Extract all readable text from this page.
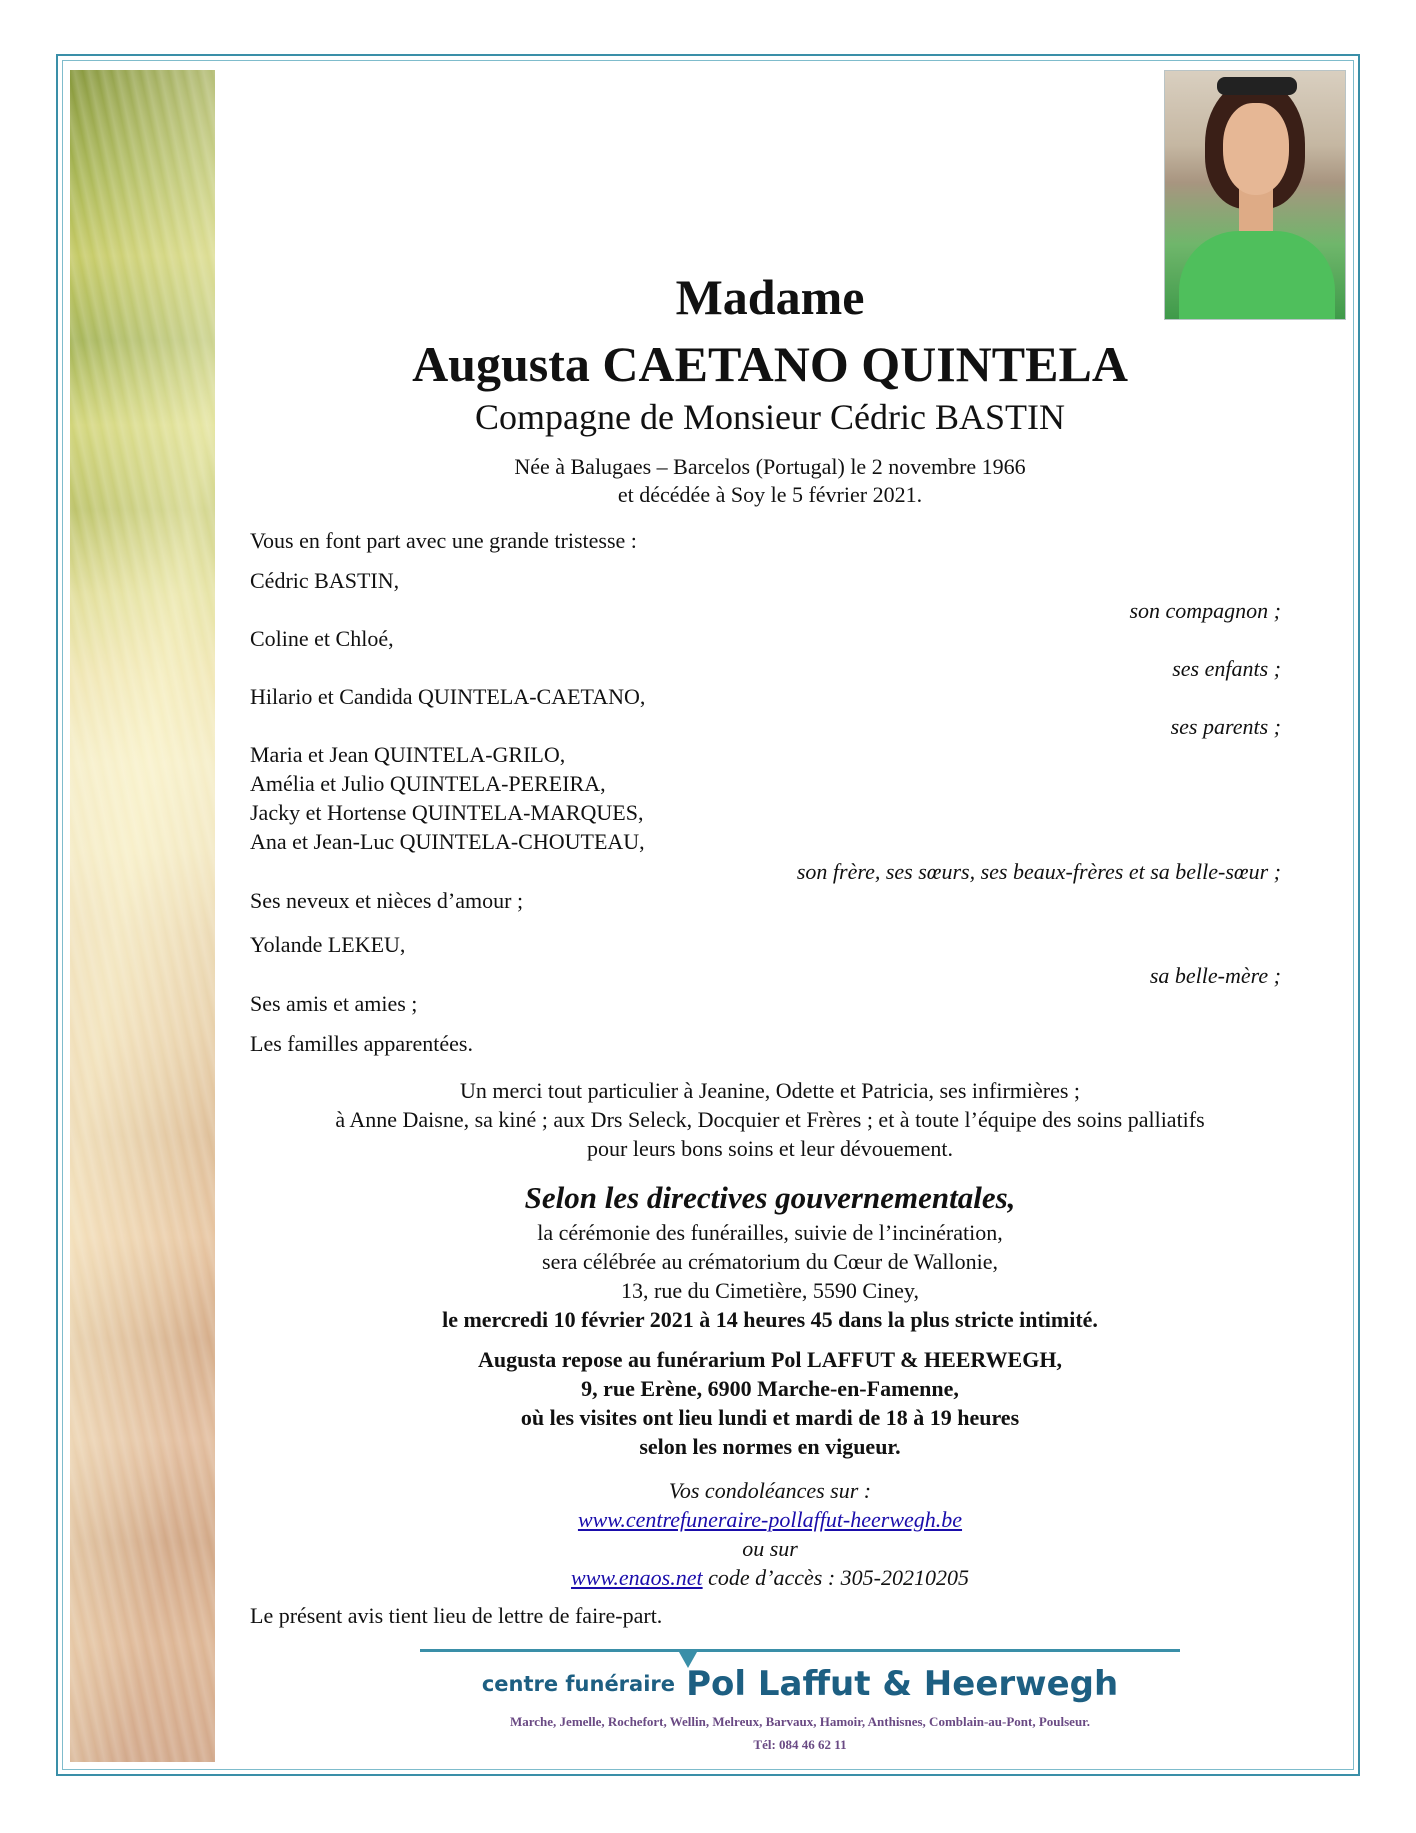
Madame
Augusta CAETANO QUINTELA
Compagne de Monsieur Cédric BASTIN
Née à Balugaes – Barcelos (Portugal) le 2 novembre 1966
et décédée à Soy le 5 février 2021.
Vous en font part avec une grande tristesse :
Cédric BASTIN,
son compagnon ;
Coline et Chloé,
ses enfants ;
Hilario et Candida QUINTELA-CAETANO,
ses parents ;
Maria et Jean QUINTELA-GRILO,
Amélia et Julio QUINTELA-PEREIRA,
Jacky et Hortense QUINTELA-MARQUES,
Ana et Jean-Luc QUINTELA-CHOUTEAU,
son frère, ses sœurs, ses beaux-frères et sa belle-sœur ;
Ses neveux et nièces d’amour ;
Yolande LEKEU,
sa belle-mère ;
Ses amis et amies ;
Les familles apparentées.
Un merci tout particulier à Jeanine, Odette et Patricia, ses infirmières ;
à Anne Daisne, sa kiné ; aux Drs Seleck, Docquier et Frères ; et à toute l’équipe des soins palliatifs
pour leurs bons soins et leur dévouement.
Selon les directives gouvernementales,
la cérémonie des funérailles, suivie de l’incinération,
sera célébrée au crématorium du Cœur de Wallonie,
13, rue du Cimetière, 5590 Ciney,
le mercredi 10 février 2021 à 14 heures 45 dans la plus stricte intimité.
Augusta repose au funérarium Pol LAFFUT & HEERWEGH,
9, rue Erène, 6900 Marche-en-Famenne,
où les visites ont lieu lundi et mardi de 18 à 19 heures
selon les normes en vigueur.
Vos condoléances sur :
www.centrefuneraire-pollaffut-heerwegh.be
ou sur
www.enaos.net code d’accès : 305-20210205
Le présent avis tient lieu de lettre de faire-part.
centre funéraire Pol Laffut & Heerwegh
Marche, Jemelle, Rochefort, Wellin, Melreux, Barvaux, Hamoir, Anthisnes, Comblain-au-Pont, Poulseur.
Tél: 084 46 62 11
